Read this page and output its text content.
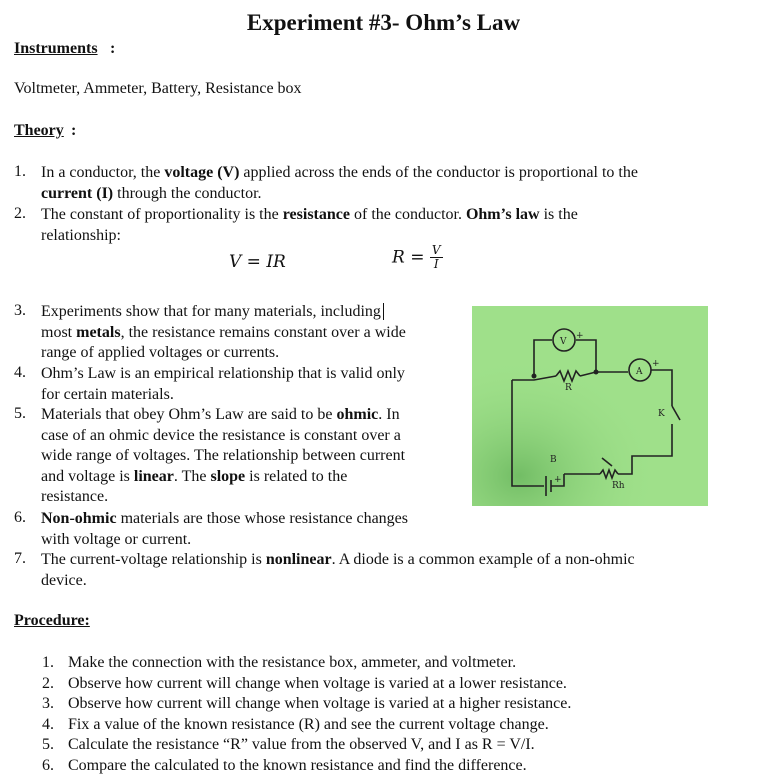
Experiment #3- Ohm’s Law
Instruments :
Voltmeter, Ammeter, Battery, Resistance box
Theory :
1. In a conductor, the voltage (V) applied across the ends of the conductor is proportional to the
current (I) through the conductor.
2. The constant of proportionality is the resistance of the conductor. Ohm’s law is the
relationship:
V = IR	$R = \frac{V}{I}$
3. Experiments show that for many materials, including
most metals, the resistance remains constant over a wide
range of applied voltages or currents.
4. Ohm’s Law is an empirical relationship that is valid only
for certain materials.
5. Materials that obey Ohm’s Law are said to be ohmic. In
case of an ohmic device the resistance is constant over a
wide range of voltages. The relationship between current
and voltage is linear. The slope is related to the
resistance.
6. Non-ohmic materials are those whose resistance changes
with voltage or current.
7. The current-voltage relationship is nonlinear. A diode is a common example of a non-ohmic
device.
V
A
R
K
B
Rh
+
+
+
Procedure:
1. Make the connection with the resistance box, ammeter, and voltmeter.
2. Observe how current will change when voltage is varied at a lower resistance.
3. Observe how current will change when voltage is varied at a higher resistance.
4. Fix a value of the known resistance (R) and see the current voltage change.
5. Calculate the resistance “R” value from the observed V, and I as R = V/I.
6. Compare the calculated to the known resistance and find the difference.
